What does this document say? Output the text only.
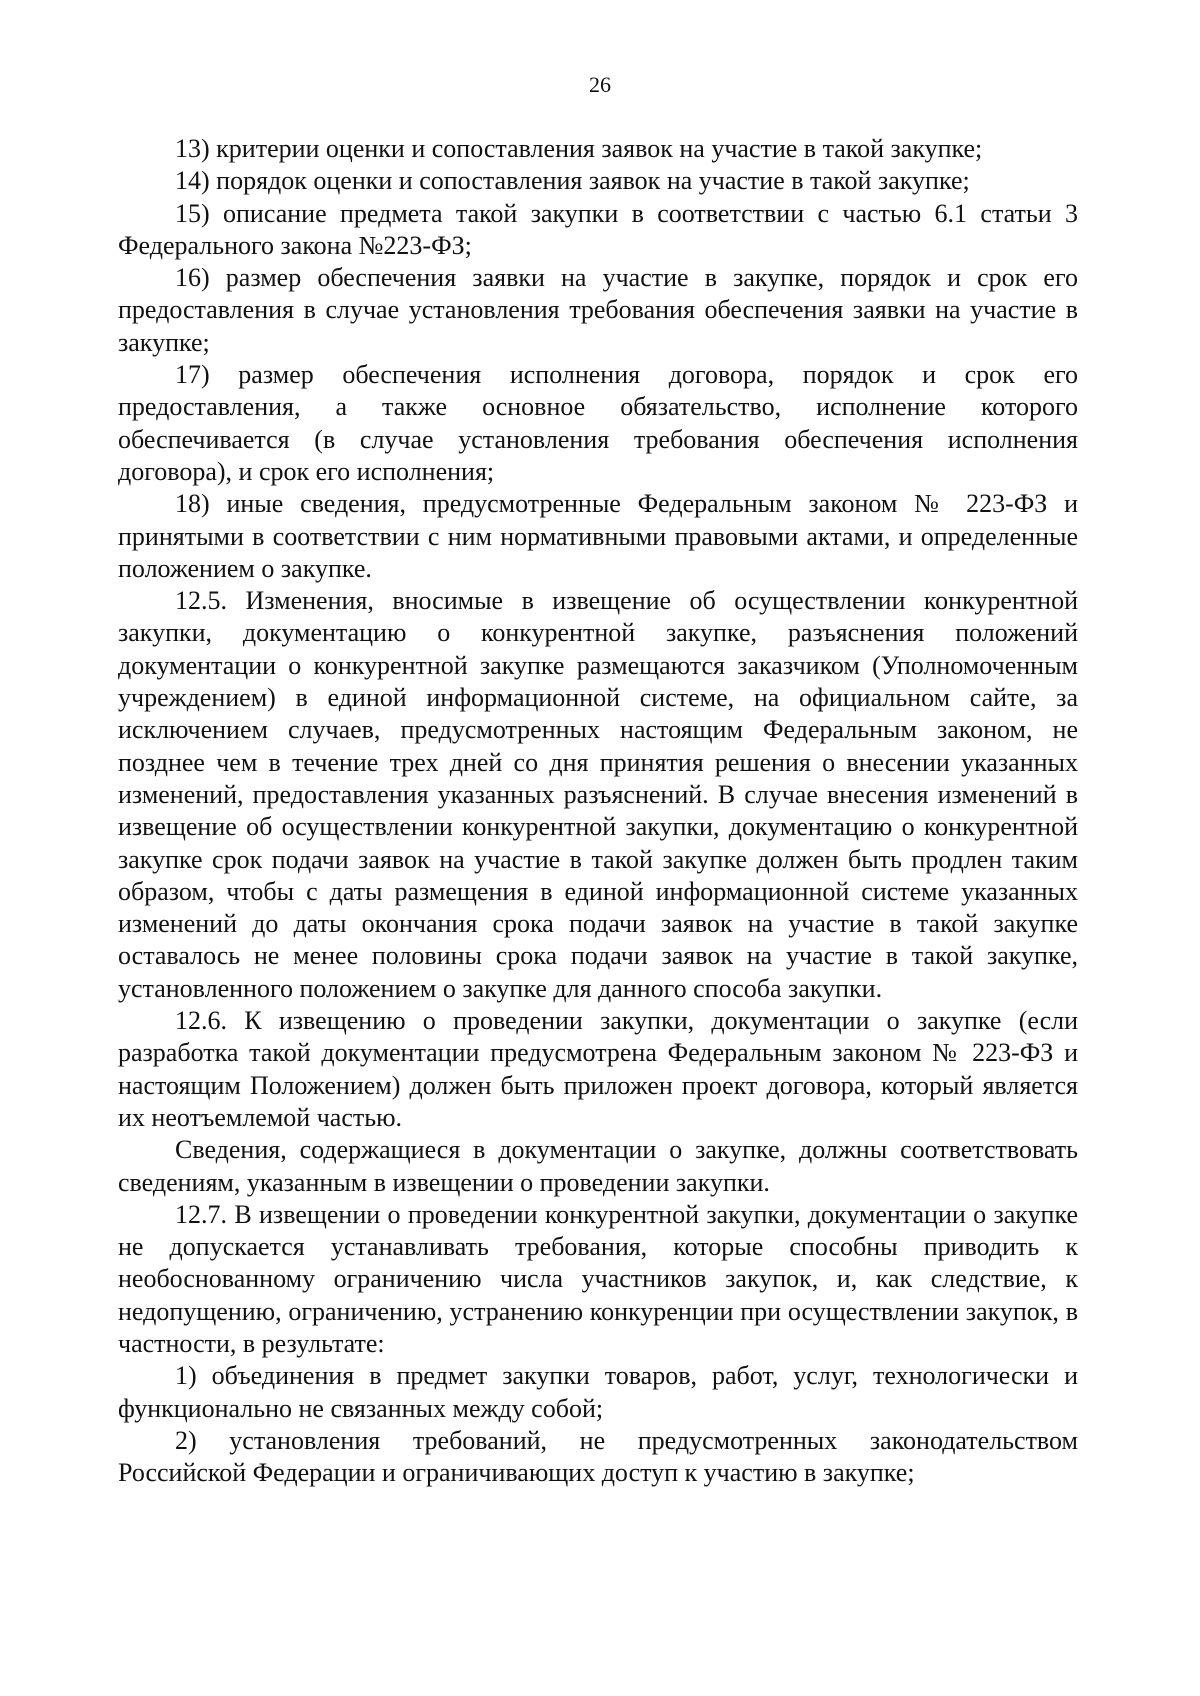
26

13) критерии оценки и сопоставления заявок на участие в такой закупке;

14) порядок оценки и сопоставления заявок на участие в такой закупке;

15) описание предмета такой закупки в соответствии с частью 6.1 статьи 3 Федерального закона №223-ФЗ;

16) размер обеспечения заявки на участие в закупке, порядок и срок его предоставления в случае установления требования обеспечения заявки на участие в закупке;

17) размер обеспечения исполнения договора, порядок и срок его предоставления, а также основное обязательство, исполнение которого обеспечивается (в случае установления требования обеспечения исполнения договора), и срок его исполнения;

18) иные сведения, предусмотренные Федеральным законом № 223-ФЗ и принятыми в соответствии с ним нормативными правовыми актами, и определенные положением о закупке.

12.5. Изменения, вносимые в извещение об осуществлении конкурентной закупки, документацию о конкурентной закупке, разъяснения положений документации о конкурентной закупке размещаются заказчиком (Уполномоченным учреждением) в единой информационной системе, на официальном сайте, за исключением случаев, предусмотренных настоящим Федеральным законом, не позднее чем в течение трех дней со дня принятия решения о внесении указанных изменений, предоставления указанных разъяснений. В случае внесения изменений в извещение об осуществлении конкурентной закупки, документацию о конкурентной закупке срок подачи заявок на участие в такой закупке должен быть продлен таким образом, чтобы с даты размещения в единой информационной системе указанных изменений до даты окончания срока подачи заявок на участие в такой закупке оставалось не менее половины срока подачи заявок на участие в такой закупке, установленного положением о закупке для данного способа закупки.

12.6. К извещению о проведении закупки, документации о закупке (если разработка такой документации предусмотрена Федеральным законом № 223-ФЗ и настоящим Положением) должен быть приложен проект договора, который является их неотъемлемой частью.

Сведения, содержащиеся в документации о закупке, должны соответствовать сведениям, указанным в извещении о проведении закупки.

12.7. В извещении о проведении конкурентной закупки, документации о закупке не допускается устанавливать требования, которые способны приводить к необоснованному ограничению числа участников закупок, и, как следствие, к недопущению, ограничению, устранению конкуренции при осуществлении закупок, в частности, в результате:

1) объединения в предмет закупки товаров, работ, услуг, технологически и функционально не связанных между собой;

2) установления требований, не предусмотренных законодательством Российской Федерации и ограничивающих доступ к участию в закупке;
